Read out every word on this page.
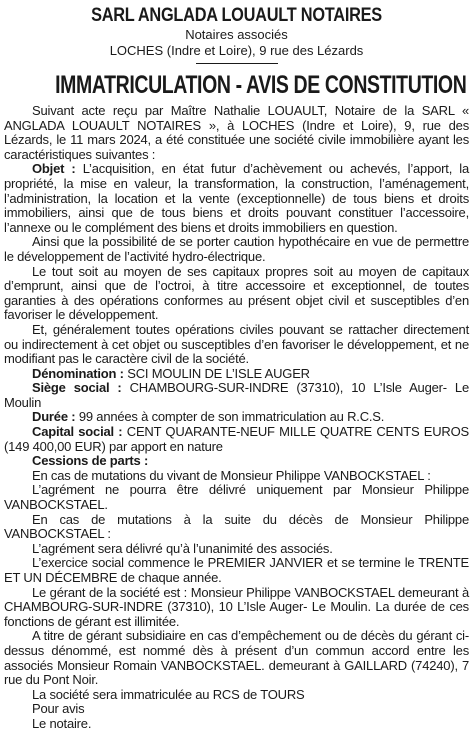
SARL ANGLADA LOUAULT NOTAIRES
Notaires associés
LOCHES (Indre et Loire), 9 rue des Lézards
IMMATRICULATION - AVIS DE CONSTITUTION

Suivant acte reçu par Maître Nathalie LOUAULT, Notaire de la SARL « ANGLADA LOUAULT NOTAIRES », à LOCHES (Indre et Loire), 9, rue des Lézards, le 11 mars 2024, a été constituée une société civile immobilière ayant les caractéristiques suivantes :

Objet : L’acquisition, en état futur d’achèvement ou achevés, l’apport, la propriété, la mise en valeur, la transformation, la construction, l’aménagement, l’administration, la location et la vente (exceptionnelle) de tous biens et droits immobiliers, ainsi que de tous biens et droits pouvant constituer l’accessoire, l’annexe ou le complément des biens et droits immobiliers en question.

Ainsi que la possibilité de se porter caution hypothécaire en vue de permettre le développement de l’activité hydro-électrique.

Le tout soit au moyen de ses capitaux propres soit au moyen de capitaux d’emprunt, ainsi que de l’octroi, à titre accessoire et exceptionnel, de toutes garanties à des opérations conformes au présent objet civil et susceptibles d’en favoriser le développement.

Et, généralement toutes opérations civiles pouvant se rattacher directement ou indirectement à cet objet ou susceptibles d’en favoriser le développement, et ne modifiant pas le caractère civil de la société.

Dénomination : SCI MOULIN DE L’ISLE AUGER

Siège social : CHAMBOURG-SUR-INDRE (37310), 10 L’Isle Auger- Le Moulin

Durée : 99 années à compter de son immatriculation au R.C.S.

Capital social : CENT QUARANTE-NEUF MILLE QUATRE CENTS EUROS (149 400,00 EUR) par apport en nature

Cessions de parts :

En cas de mutations du vivant de Monsieur Philippe VANBOCKSTAEL :

L’agrément ne pourra être délivré uniquement par Monsieur Philippe VANBOCKSTAEL.

En cas de mutations à la suite du décès de Monsieur Philippe VANBOCKSTAEL :

L’agrément sera délivré qu’à l’unanimité des associés.

L’exercice social commence le PREMIER JANVIER et se termine le TRENTE ET UN DÉCEMBRE de chaque année.

Le gérant de la société est : Monsieur Philippe VANBOCKSTAEL demeurant à CHAMBOURG-SUR-INDRE (37310), 10 L’Isle Auger- Le Moulin. La durée de ces fonctions de gérant est illimitée.

A titre de gérant subsidiaire en cas d’empêchement ou de décès du gérant ci-dessus dénommé, est nommé dès à présent d’un commun accord entre les associés Monsieur Romain VANBOCKSTAEL. demeurant à GAILLARD (74240), 7 rue du Pont Noir.

La société sera immatriculée au RCS de TOURS

Pour avis

Le notaire.
